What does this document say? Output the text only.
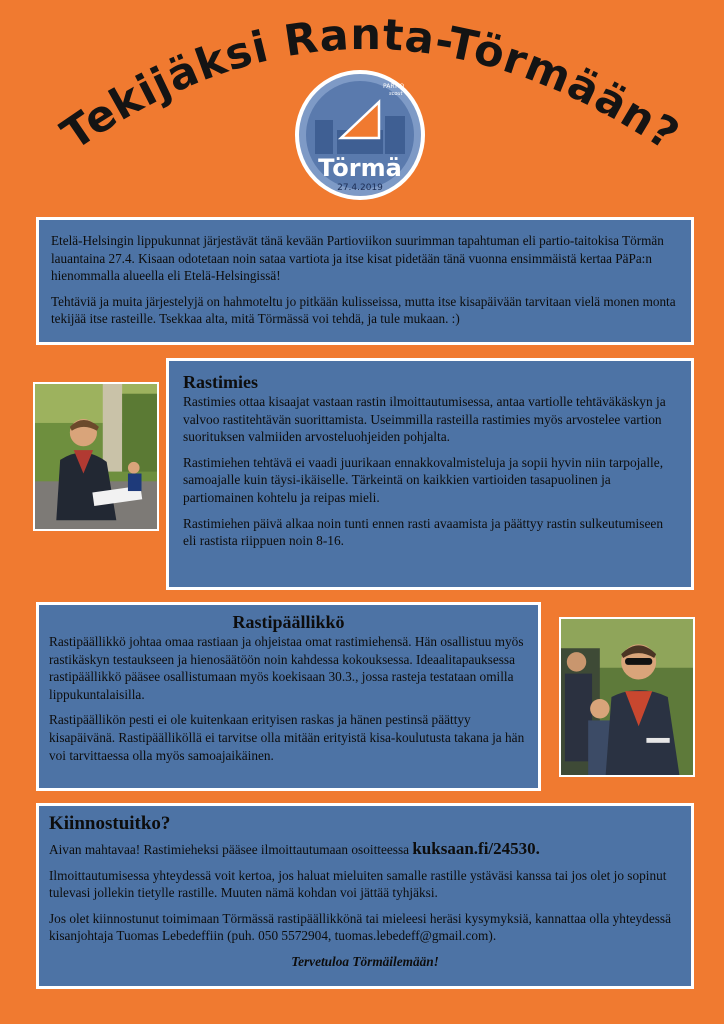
Tekijäksi Ranta-Törmään?
PARTIO
scout
Törmä
27.4.2019

Etelä-Helsingin lippukunnat järjestävät tänä kevään Partioviikon suurimman tapahtuman eli partio-taitokisa Törmän lauantaina 27.4. Kisaan odotetaan noin sataa vartiota ja itse kisat pidetään tänä vuonna ensimmäistä kertaa PäPa:n hienommalla alueella eli Etelä-Helsingissä!

Tehtäviä ja muita järjestelyjä on hahmoteltu jo pitkään kulisseissa, mutta itse kisapäivään tarvitaan vielä monen monta tekijää itse rasteille. Tsekkaa alta, mitä Törmässä voi tehdä, ja tule mukaan. :)

Rastimies

Rastimies ottaa kisaajat vastaan rastin ilmoittautumisessa, antaa vartiolle tehtäväkäskyn ja valvoo rastitehtävän suorittamista. Useimmilla rasteilla rastimies myös arvostelee vartion suorituksen valmiiden arvosteluohjeiden pohjalta.

Rastimiehen tehtävä ei vaadi juurikaan ennakkovalmisteluja ja sopii hyvin niin tarpojalle, samoajalle kuin täysi-ikäiselle. Tärkeintä on kaikkien vartioiden tasapuolinen ja partiomainen kohtelu ja reipas mieli.

Rastimiehen päivä alkaa noin tunti ennen rasti avaamista ja päättyy rastin sulkeutumiseen eli rastista riippuen noin 8-16.

Rastipäällikkö

Rastipäällikkö johtaa omaa rastiaan ja ohjeistaa omat rastimiehensä. Hän osallistuu myös rastikäskyn testaukseen ja hienosäätöön noin kahdessa kokouksessa. Ideaalitapauksessa rastipäällikkö pääsee osallistumaan myös koekisaan 30.3., jossa rasteja testataan omilla lippukuntalaisilla.

Rastipäällikön pesti ei ole kuitenkaan erityisen raskas ja hänen pestinsä päättyy kisapäivänä. Rastipäälliköllä ei tarvitse olla mitään erityistä kisa-koulutusta takana ja hän voi tarvittaessa olla myös samoajaikäinen.

Kiinnostuitko?

Aivan mahtavaa! Rastimieheksi pääsee ilmoittautumaan osoitteessa kuksaan.fi/24530.

Ilmoittautumisessa yhteydessä voit kertoa, jos haluat mieluiten samalle rastille ystäväsi kanssa tai jos olet jo sopinut tulevasi jollekin tietylle rastille. Muuten nämä kohdan voi jättää tyhjäksi.

Jos olet kiinnostunut toimimaan Törmässä rastipäällikkönä tai mieleesi heräsi kysymyksiä, kannattaa olla yhteydessä kisanjohtaja Tuomas Lebedeffiin (puh. 050 5572904, tuomas.lebedeff@gmail.com).

Tervetuloa Törmäilemään!
